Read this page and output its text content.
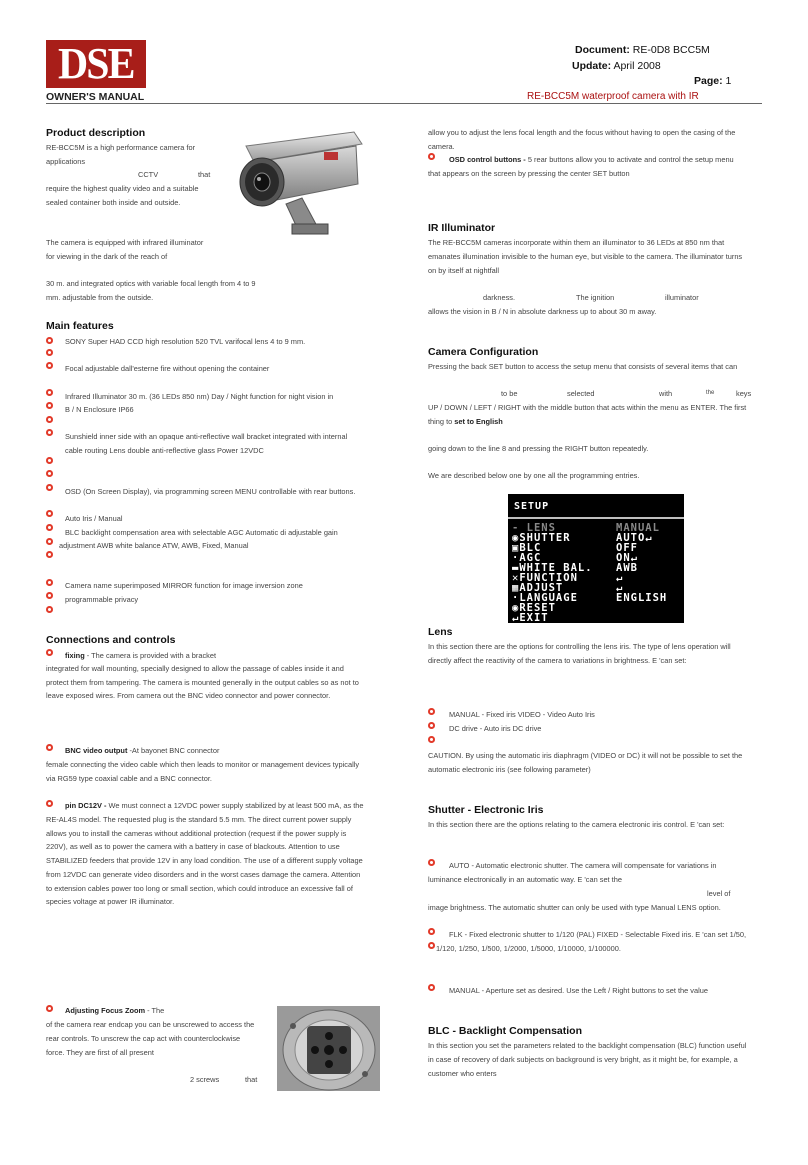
DSE	Document: RE-0D8 BCC5M
Update: April 2008
Page: 1
OWNER'S MANUAL	RE-BCC5M waterproof camera with IR
Product description
RE-BCC5M is a high performance camera for
applications
CCTV	that
require the highest quality video and a suitable
sealed container both inside and outside.
The camera is equipped with infrared illuminator
for viewing in the dark of the reach of
30 m. and integrated optics with variable focal length from 4 to 9
mm. adjustable from the outside.
Main features
SONY Super HAD CCD high resolution 520 TVL varifocal lens 4 to 9 mm.
Focal adjustable dall'esterne fire without opening the container
Infrared Illuminator 30 m. (36 LEDs 850 nm) Day / Night function for night vision in
B / N Enclosure IP66
Sunshield inner side with an opaque anti-reflective wall bracket integrated with internal
cable routing Lens double anti-reflective glass Power 12VDC
OSD (On Screen Display), via programming screen MENU controllable with rear buttons.
Auto Iris / Manual
BLC backlight compensation area with selectable AGC Automatic di adjustable gain
adjustment AWB white balance ATW, AWB, Fixed, Manual
Camera name superimposed MIRROR function for image inversion zone
programmable privacy
Connections and controls
fixing - The camera is provided with a bracket
integrated for wall mounting, specially designed to allow the passage of cables inside it and
protect them from tampering. The camera is mounted generally in the output cables so as not to
leave exposed wires. From camera out the BNC video connector and power connector.
BNC video output -At bayonet BNC connector
female connecting the video cable which then leads to monitor or management devices typically
via RG59 type coaxial cable and a BNC connector.
pin DC12V - We must connect a 12VDC power supply stabilized by at least 500 mA, as the
RE-AL4S model. The requested plug is the standard 5.5 mm. The direct current power supply
allows you to install the cameras without additional protection (request if the power supply is
220V), as well as to power the camera with a battery in case of blackouts. Attention to use
STABILIZED feeders that provide 12V in any load condition. The use of a different supply voltage
from 12VDC can generate video disorders and in the worst cases damage the camera. Attention
to extension cables power too long or small section, which could introduce an excessive fall of
species voltage at power IR illuminator.
Adjusting Focus Zoom - The
of the camera rear endcap you can be unscrewed to access the
rear controls. To unscrew the cap act with counterclockwise
force. They are first of all present
2 screws	that
allow you to adjust the lens focal length and the focus without having to open the casing of the
camera.
OSD control buttons - 5 rear buttons allow you to activate and control the setup menu
that appears on the screen by pressing the center SET button
IR Illuminator
The RE-BCC5M cameras incorporate within them an illuminator to 36 LEDs at 850 nm that
emanates illumination invisible to the human eye, but visible to the camera. The illuminator turns
on by itself at nightfall
darkness.	The ignition	illuminator
allows the vision in B / N in absolute darkness up to about 30 m away.
Camera Configuration
Pressing the back SET button to access the setup menu that consists of several items that can
to be	selected	with	the	keys
UP / DOWN / LEFT / RIGHT with the middle button that acts within the menu as ENTER. The first
thing to set to English
going down to the line 8 and pressing the RIGHT button repeatedly.
We are described below one by one all the programming entries.
SETUP
- LENS	MANUAL
◉SHUTTER	AUTO↵
▣BLC	OFF
·AGC	ON↵
▬WHITE BAL. AWB
✕FUNCTION	↵
▦ADJUST	↵
·LANGUAGE	ENGLISH
◉RESET
↵EXIT
Lens
In this section there are the options for controlling the lens iris. The type of lens operation will
directly affect the reactivity of the camera to variations in brightness. E 'can set:
MANUAL - Fixed iris VIDEO - Video Auto Iris
DC drive - Auto iris DC drive
CAUTION. By using the automatic iris diaphragm (VIDEO or DC) it will not be possible to set the
automatic electronic iris (see following parameter)
Shutter - Electronic Iris
In this section there are the options relating to the camera electronic iris control. E 'can set:
AUTO - Automatic electronic shutter. The camera will compensate for variations in
luminance electronically in an automatic way. E 'can set the
level of
image brightness. The automatic shutter can only be used with type Manual LENS option.
FLK - Fixed electronic shutter to 1/120 (PAL) FIXED - Selectable Fixed iris. E 'can set 1/50,
1/120, 1/250, 1/500, 1/2000, 1/5000, 1/10000, 1/100000.
MANUAL - Aperture set as desired. Use the Left / Right buttons to set the value
BLC - Backlight Compensation
In this section you set the parameters related to the backlight compensation (BLC) function useful
in case of recovery of dark subjects on background is very bright, as it might be, for example, a
customer who enters
